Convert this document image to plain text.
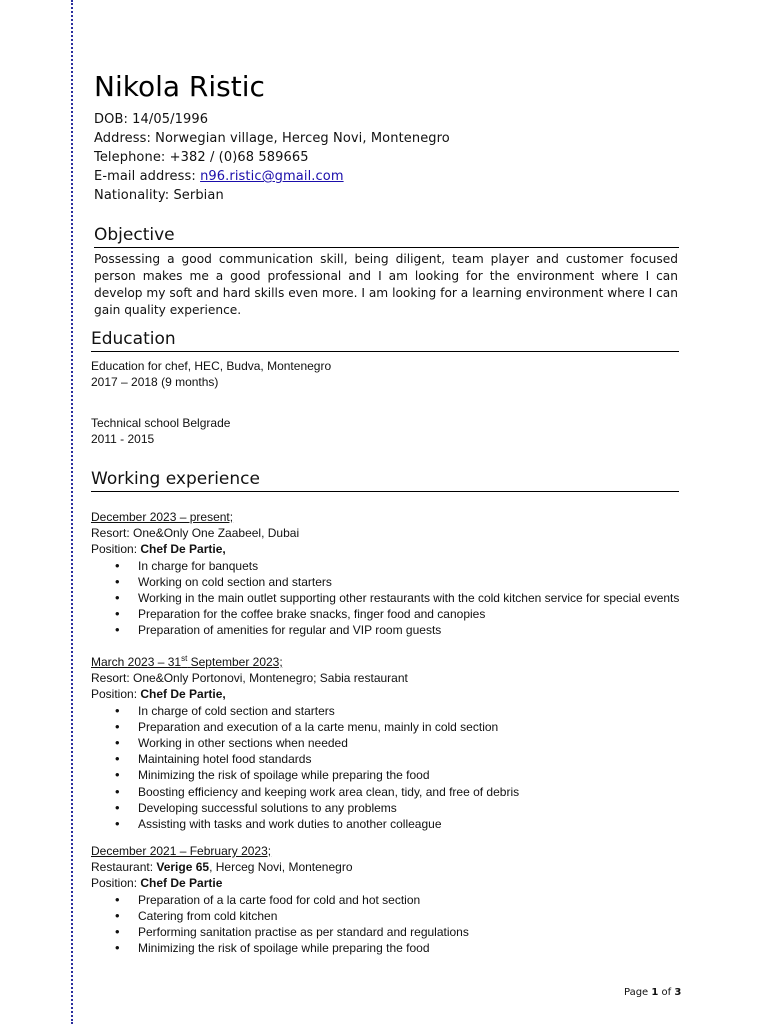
Nikola Ristic
DOB: 14/05/1996
Address: Norwegian village, Herceg Novi, Montenegro
Telephone: +382 / (0)68 589665
E-mail address: n96.ristic@gmail.com
Nationality: Serbian
Objective
Possessing a good communication skill, being diligent, team player and customer focused person makes me a good professional and I am looking for the environment where I can develop my soft and hard skills even more. I am looking for a learning environment where I can gain quality experience.
Education

Education for chef, HEC, Budva, Montenegro

2017 – 2018 (9 months)

Technical school Belgrade

2011 - 2015

Working experience

December 2023 – present;

Resort: One&Only One Zaabeel, Dubai

Position: Chef De Partie,

• In charge for banquets
• Working on cold section and starters
• Working in the main outlet supporting other restaurants with the cold kitchen service for special events
• Preparation for the coffee brake snacks, finger food and canopies
• Preparation of amenities for regular and VIP room guests

March 2023 – 31st September 2023;

Resort: One&Only Portonovi, Montenegro; Sabia restaurant

Position: Chef De Partie,

• In charge of cold section and starters
• Preparation and execution of a la carte menu, mainly in cold section
• Working in other sections when needed
• Maintaining hotel food standards
• Minimizing the risk of spoilage while preparing the food
• Boosting efficiency and keeping work area clean, tidy, and free of debris
• Developing successful solutions to any problems
• Assisting with tasks and work duties to another colleague

December 2021 – February 2023;

Restaurant: Verige 65, Herceg Novi, Montenegro

Position: Chef De Partie

• Preparation of a la carte food for cold and hot section
• Catering from cold kitchen
• Performing sanitation practise as per standard and regulations
• Minimizing the risk of spoilage while preparing the food
Page 1 of 3
